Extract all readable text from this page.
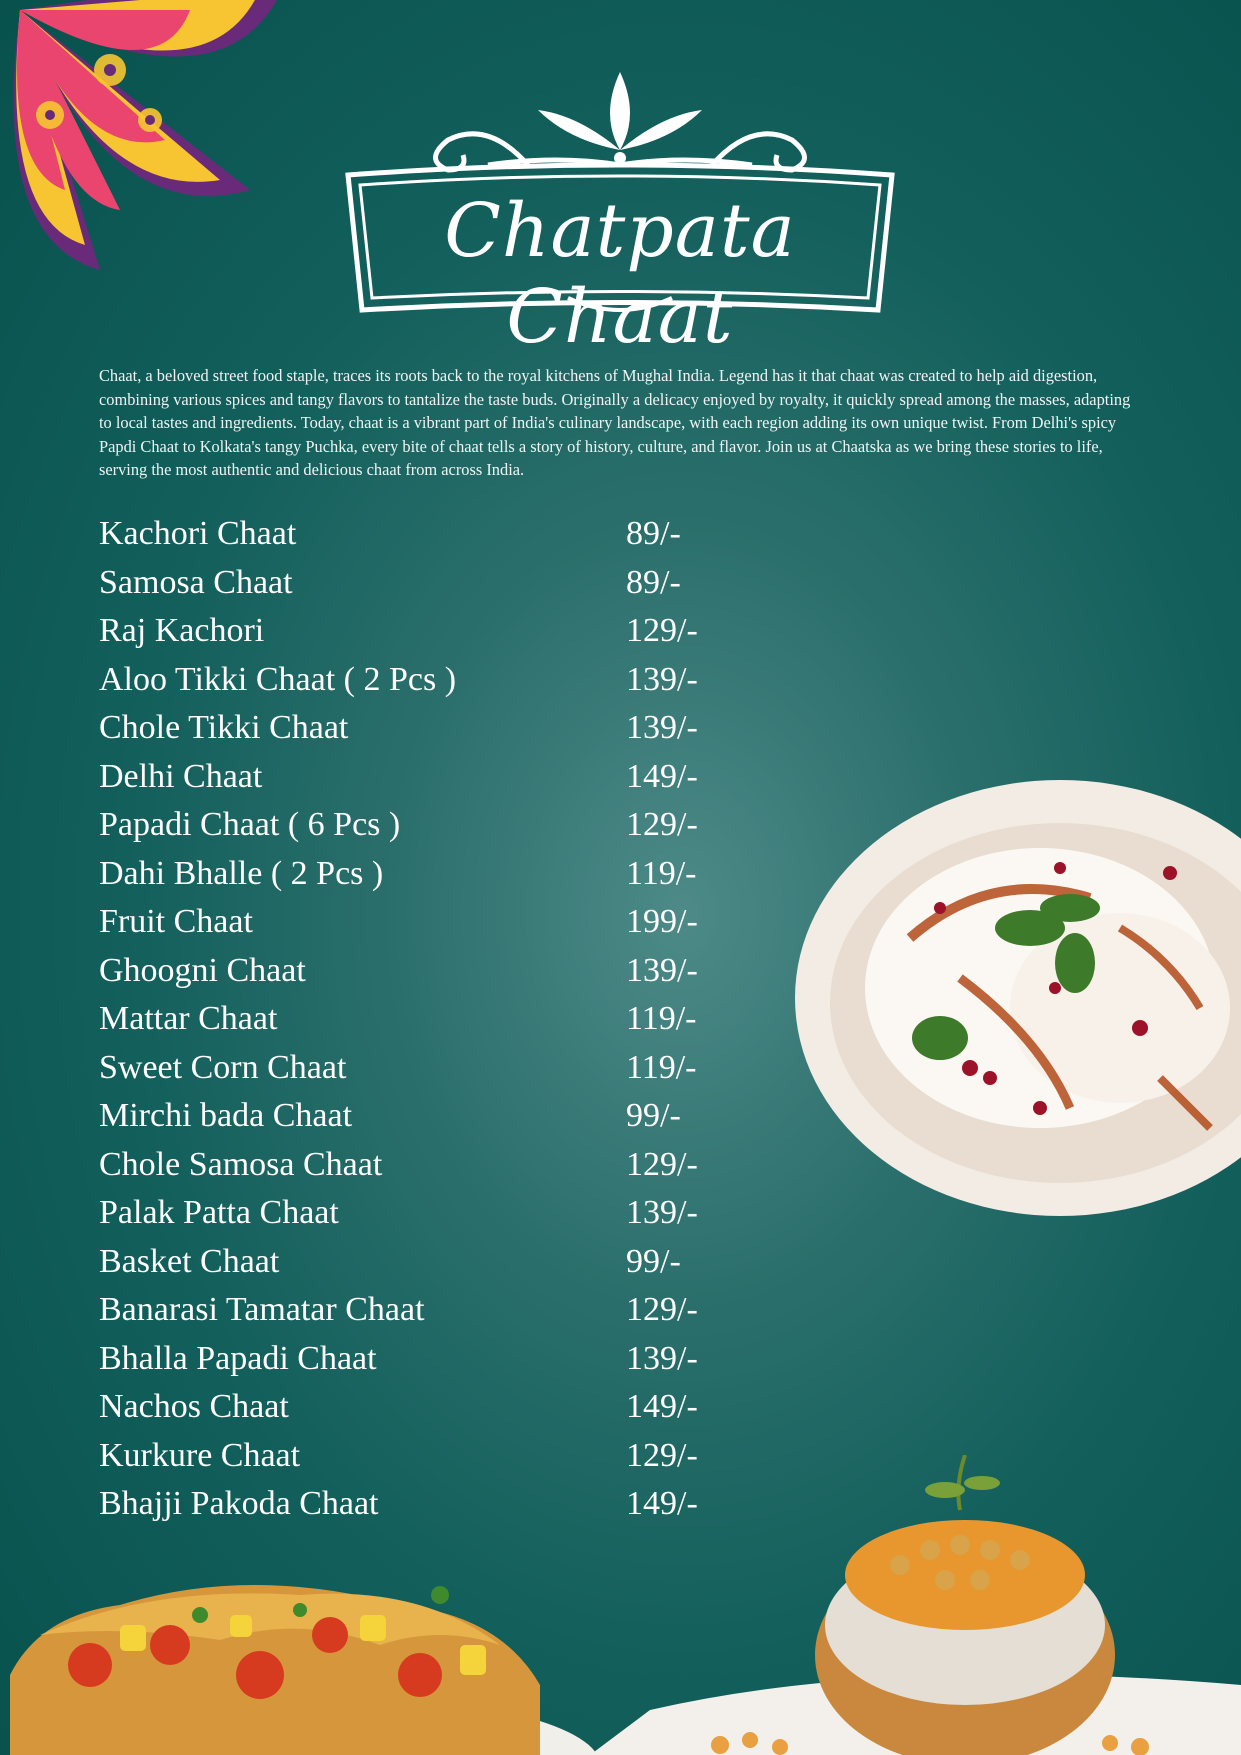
Chatpata Chaat

Chaat, a beloved street food staple, traces its roots back to the royal kitchens of Mughal India. Legend has it that chaat was created to help aid digestion, combining various spices and tangy flavors to tantalize the taste buds. Originally a delicacy enjoyed by royalty, it quickly spread among the masses, adapting to local tastes and ingredients. Today, chaat is a vibrant part of India's culinary landscape, with each region adding its own unique twist. From Delhi's spicy Papdi Chaat to Kolkata's tangy Puchka, every bite of chaat tells a story of history, culture, and flavor. Join us at Chaatska as we bring these stories to life, serving the most authentic and delicious chaat from across India.

Kachori Chaat	89/-
Samosa Chaat	89/-
Raj Kachori	129/-
Aloo Tikki Chaat ( 2 Pcs )	139/-
Chole Tikki Chaat	139/-
Delhi Chaat	149/-
Papadi Chaat ( 6 Pcs )	129/-
Dahi Bhalle ( 2 Pcs )	119/-
Fruit Chaat	199/-
Ghoogni Chaat	139/-
Mattar Chaat	119/-
Sweet Corn Chaat	119/-
Mirchi bada Chaat	99/-
Chole Samosa Chaat	129/-
Palak Patta Chaat	139/-
Basket Chaat	99/-
Banarasi Tamatar Chaat	129/-
Bhalla Papadi Chaat	139/-
Nachos Chaat	149/-
Kurkure Chaat	129/-
Bhajji Pakoda Chaat	149/-
